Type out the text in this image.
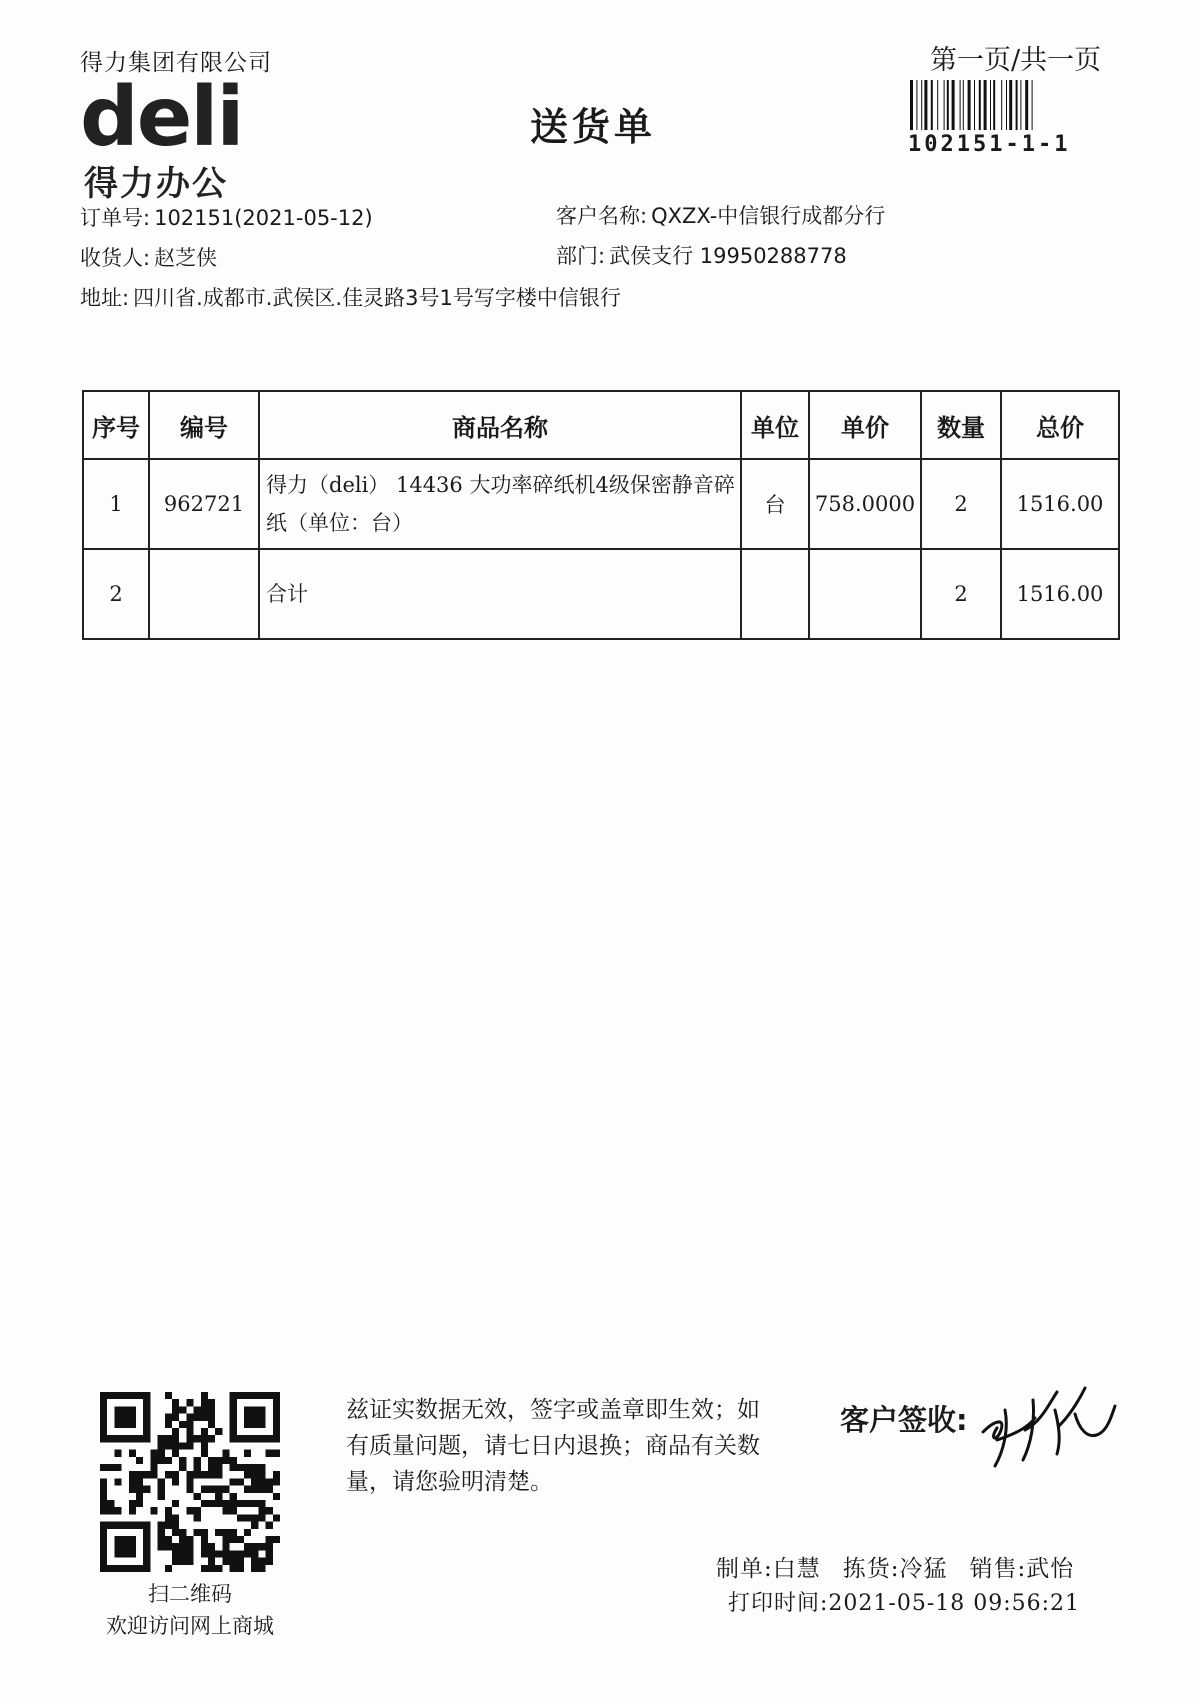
得力集团有限公司
deli
得力办公
送货单
第一页/共一页
102151-1-1
订单号: 102151(2021-05-12)	客户名称: QXZX-中信银行成都分行
收货人: 赵芝侠	部门: 武侯支行 19950288778
地址: 四川省.成都市.武侯区.佳灵路3号1号写字楼中信银行
序号	编号	商品名称	单位	单价	数量	总价
1	962721	得力（deli） 14436 大功率碎纸机4级保密静音碎纸（单位：台）	台	758.0000	2	1516.00
2		合计			2	1516.00
扫二维码
欢迎访问网上商城
兹证实数据无效，签字或盖章即生效；如有质量问题，请七日内退换；商品有关数量，请您验明清楚。
客户签收:
制单:白慧 拣货:冷猛 销售:武怡
打印时间:2021-05-18 09:56:21
